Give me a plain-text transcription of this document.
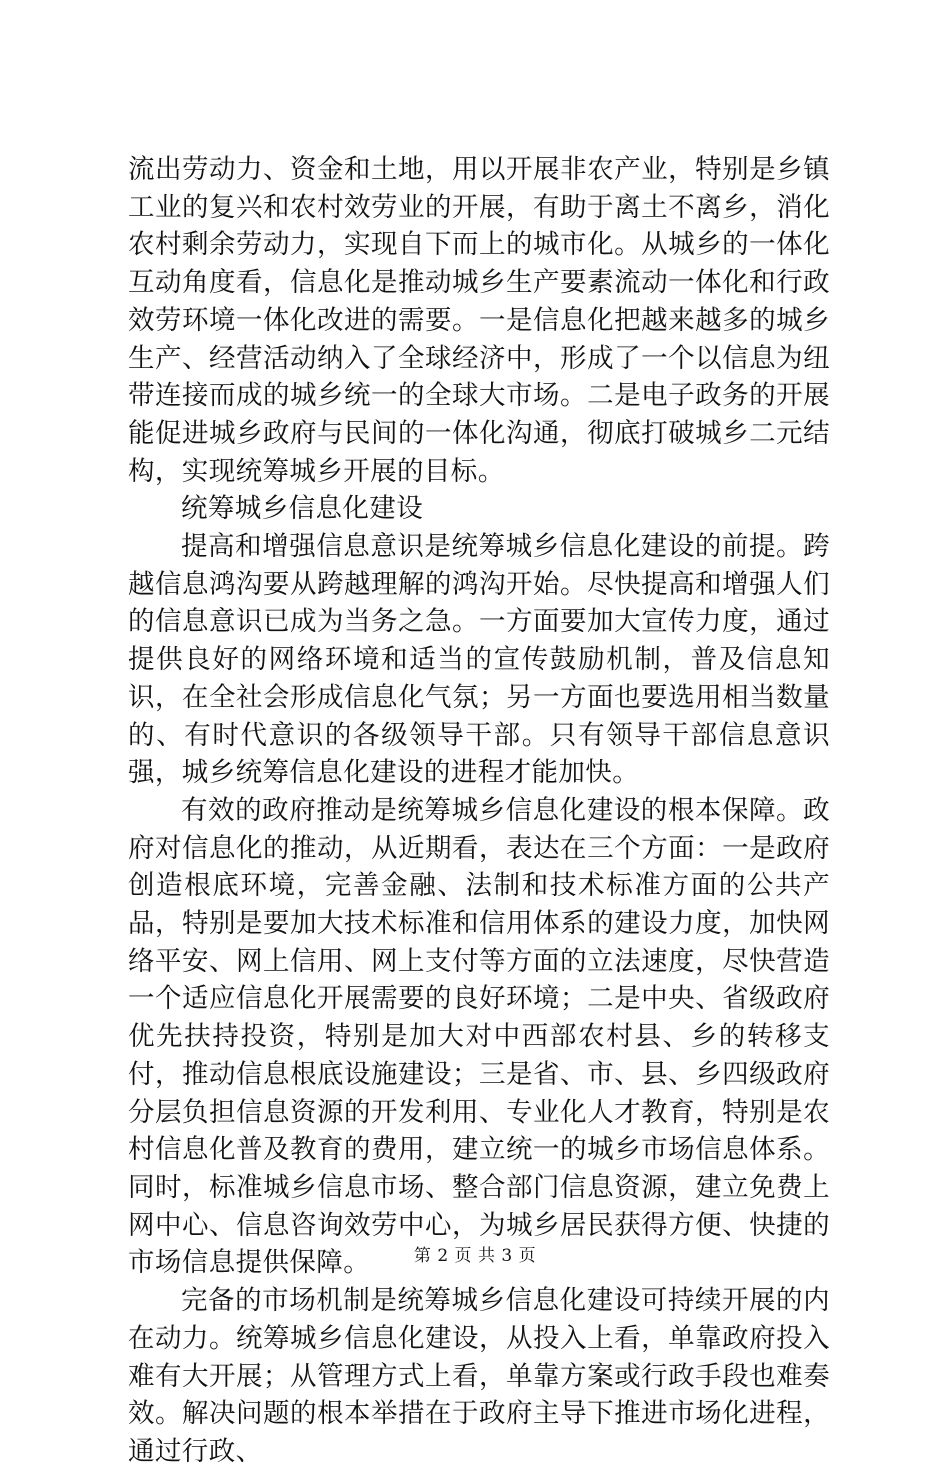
流出劳动力、资金和土地，用以开展非农产业，特别是乡镇工业的复兴和农村效劳业的开展，有助于离土不离乡，消化农村剩余劳动力，实现自下而上的城市化。从城乡的一体化互动角度看，信息化是推动城乡生产要素流动一体化和行政效劳环境一体化改进的需要。一是信息化把越来越多的城乡生产、经营活动纳入了全球经济中，形成了一个以信息为纽带连接而成的城乡统一的全球大市场。二是电子政务的开展能促进城乡政府与民间的一体化沟通，彻底打破城乡二元结构，实现统筹城乡开展的目标。

统筹城乡信息化建设

提高和增强信息意识是统筹城乡信息化建设的前提。跨越信息鸿沟要从跨越理解的鸿沟开始。尽快提高和增强人们的信息意识已成为当务之急。一方面要加大宣传力度，通过提供良好的网络环境和适当的宣传鼓励机制，普及信息知识，在全社会形成信息化气氛；另一方面也要选用相当数量的、有时代意识的各级领导干部。只有领导干部信息意识强，城乡统筹信息化建设的进程才能加快。

有效的政府推动是统筹城乡信息化建设的根本保障。政府对信息化的推动，从近期看，表达在三个方面：一是政府创造根底环境，完善金融、法制和技术标准方面的公共产品，特别是要加大技术标准和信用体系的建设力度，加快网络平安、网上信用、网上支付等方面的立法速度，尽快营造一个适应信息化开展需要的良好环境；二是中央、省级政府优先扶持投资，特别是加大对中西部农村县、乡的转移支付，推动信息根底设施建设；三是省、市、县、乡四级政府分层负担信息资源的开发利用、专业化人才教育，特别是农村信息化普及教育的费用，建立统一的城乡市场信息体系。同时，标准城乡信息市场、整合部门信息资源，建立免费上网中心、信息咨询效劳中心，为城乡居民获得方便、快捷的市场信息提供保障。

完备的市场机制是统筹城乡信息化建设可持续开展的内在动力。统筹城乡信息化建设，从投入上看，单靠政府投入难有大开展；从管理方式上看，单靠方案或行政手段也难奏效。解决问题的根本举措在于政府主导下推进市场化进程，通过行政、

第 2 页 共 3 页
